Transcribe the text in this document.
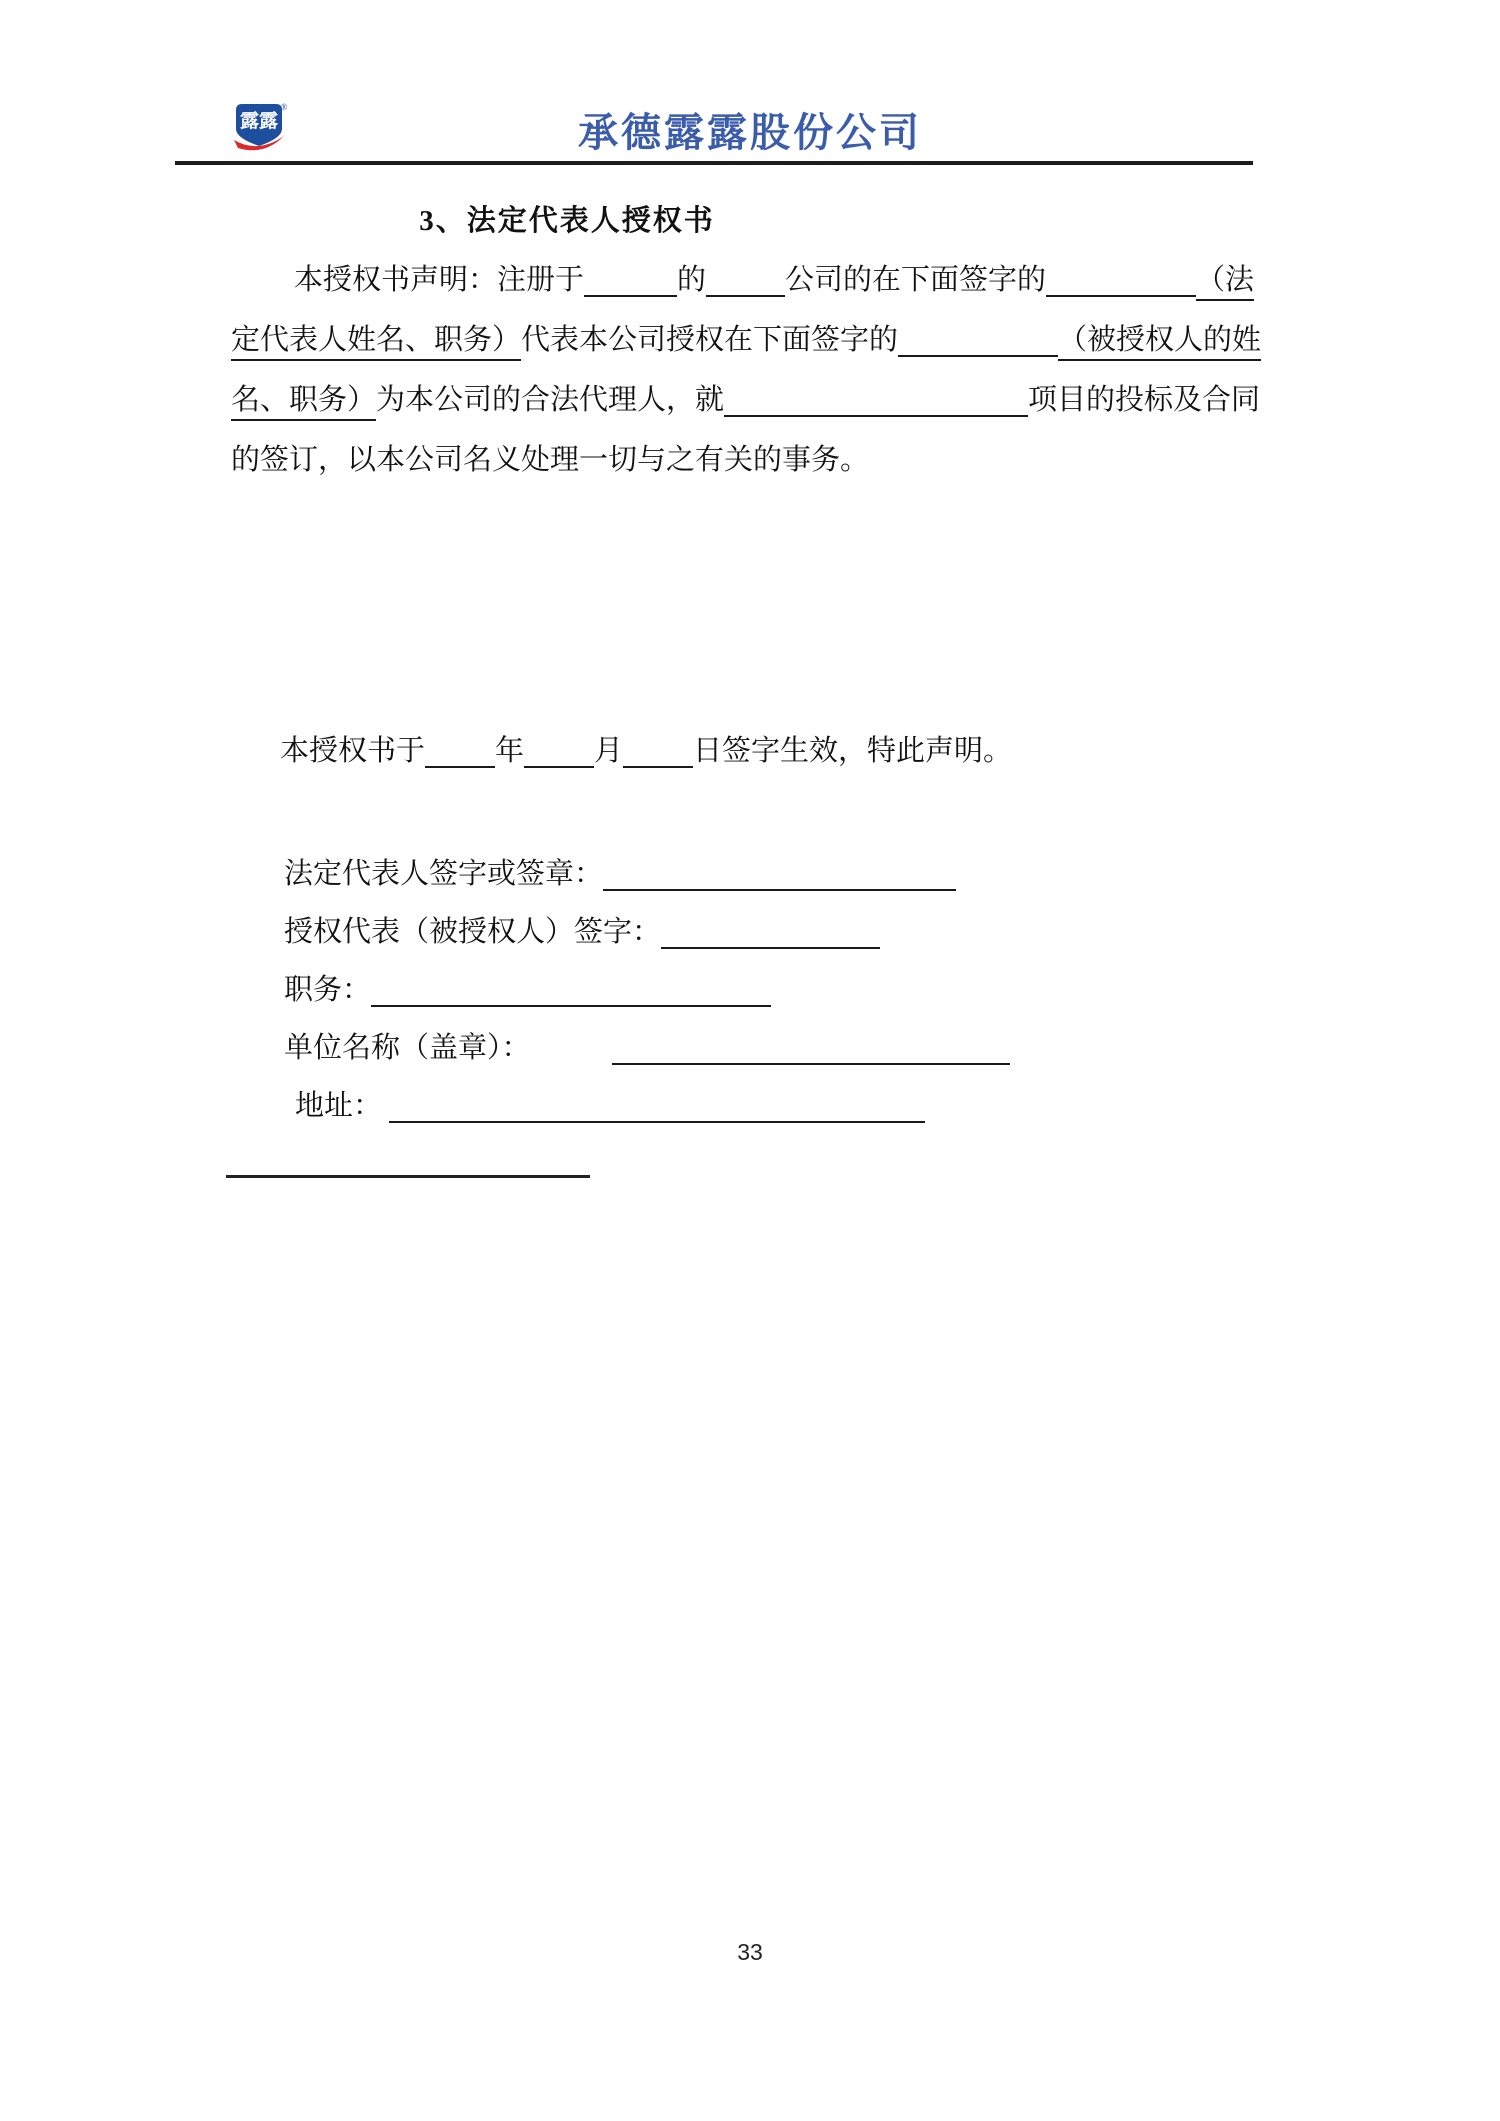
露露
®
承德露露股份公司
3、法定代表人授权书
本授权书声明：注册于	的	公司的在下面签字的	（法
定代表人姓名、职务）代表本公司授权在下面签字的	（被授权人的姓
名、职务）为本公司的合法代理人，就	项目的投标及合同
的签订，以本公司名义处理一切与之有关的事务。
本授权书于 年 月 日签字生效，特此声明。
法定代表人签字或签章：
授权代表（被授权人）签字：
职务：
单位名称（盖章）：
地址：
33
